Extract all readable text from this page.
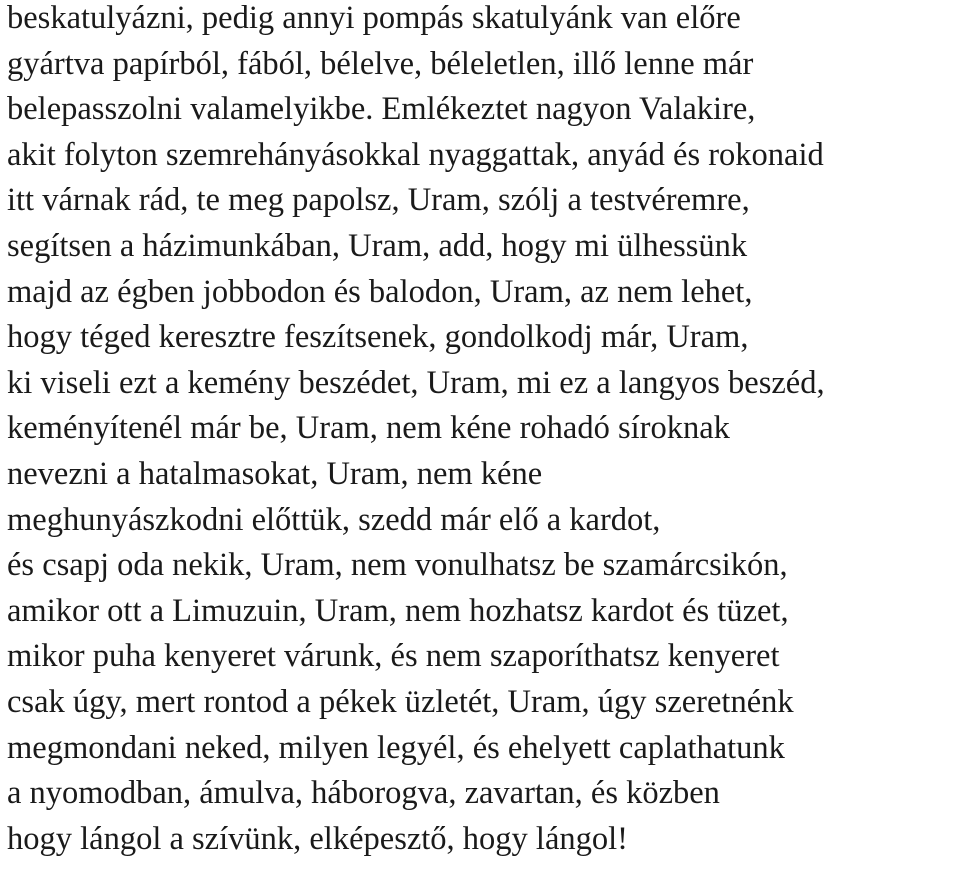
beskatulyázni, pedig annyi pompás skatulyánk van előre
gyártva papírból, fából, bélelve, béleletlen, illő lenne már
belepasszolni valamelyikbe. Emlékeztet nagyon Valakire,
akit folyton szemrehányásokkal nyaggattak, anyád és rokonaid
itt várnak rád, te meg papolsz, Uram, szólj a testvéremre,
segítsen a házimunkában, Uram, add, hogy mi ülhessünk
majd az égben jobbodon és balodon, Uram, az nem lehet,
hogy téged keresztre feszítsenek, gondolkodj már, Uram,
ki viseli ezt a kemény beszédet, Uram, mi ez a langyos beszéd,
keményítenél már be, Uram, nem kéne rohadó síroknak
nevezni a hatalmasokat, Uram, nem kéne
meghunyászkodni előttük, szedd már elő a kardot,
és csapj oda nekik, Uram, nem vonulhatsz be szamárcsikón,
amikor ott a Limuzuin, Uram, nem hozhatsz kardot és tüzet,
mikor puha kenyeret várunk, és nem szaporíthatsz kenyeret
csak úgy, mert rontod a pékek üzletét, Uram, úgy szeretnénk
megmondani neked, milyen legyél, és ehelyett caplathatunk
a nyomodban, ámulva, háborogva, zavartan, és közben
hogy lángol a szívünk, elképesztő, hogy lángol!
